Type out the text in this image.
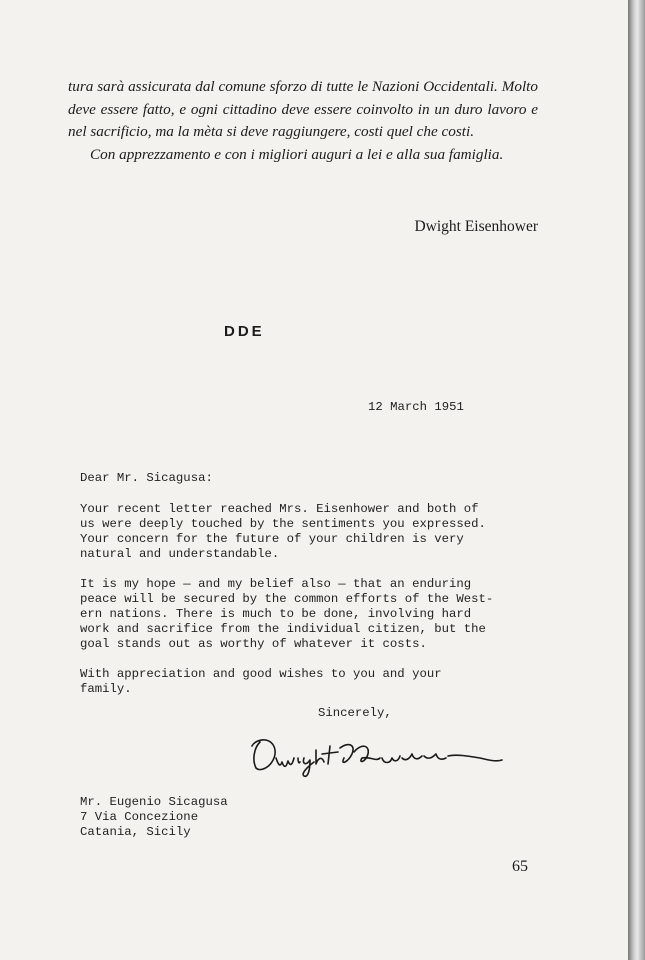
tura sarà assicurata dal comune sforzo di tutte le Nazioni Occidentali. Molto deve essere fatto, e ogni cittadino deve essere coinvolto in un duro lavoro e nel sacrificio, ma la mèta si deve raggiungere, costi quel che costi.

Con apprezzamento e con i migliori auguri a lei e alla sua famiglia.

Dwight Eisenhower
DDE
12 March 1951
Dear Mr. Sicagusa:

Your recent letter reached Mrs. Eisenhower and both of
us were deeply touched by the sentiments you expressed.
Your concern for the future of your children is very
natural and understandable.

It is my hope — and my belief also — that an enduring
peace will be secured by the common efforts of the West-
ern nations. There is much to be done, involving hard
work and sacrifice from the individual citizen, but the
goal stands out as worthy of whatever it costs.

With appreciation and good wishes to you and your
family.

Sincerely,
Mr. Eugenio Sicagusa
7 Via Concezione
Catania, Sicily
65
